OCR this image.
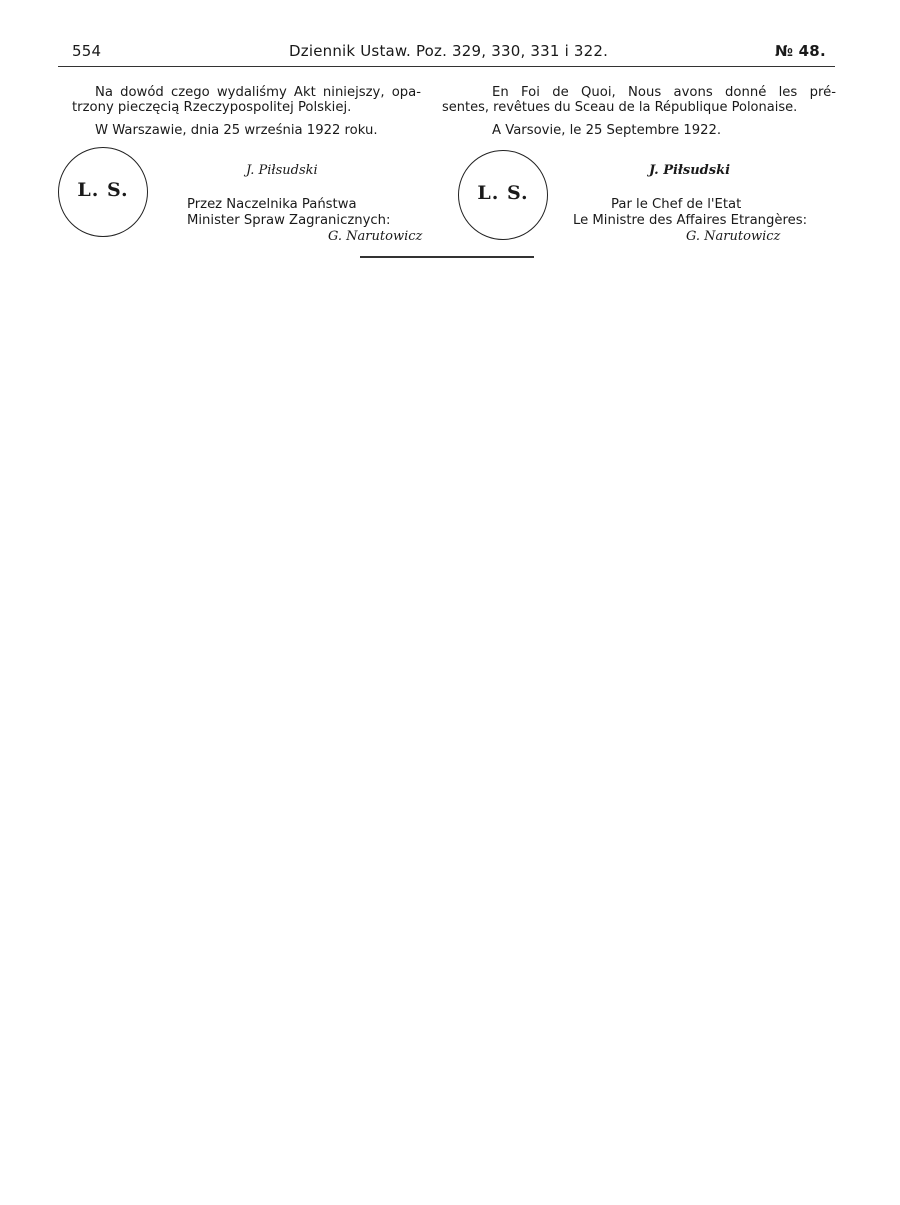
554	Dziennik Ustaw. Poz. 329, 330, 331 i 322.	№ 48.
Na dowód czego wydaliśmy Akt niniejszy, opa-
trzony pieczęcią Rzeczypospolitej Polskiej.
W Warszawie, dnia 25 września 1922 roku.
L. S.
J. Piłsudski
Przez Naczelnika Państwa
Minister Spraw Zagranicznych:
G. Narutowicz
En Foi de Quoi, Nous avons donné les pré-
sentes, revêtues du Sceau de la République Polonaise.
A Varsovie, le 25 Septembre 1922.
L. S.
J. Piłsudski
Par le Chef de l'Etat
Le Ministre des Affaires Etrangères:
G. Narutowicz
